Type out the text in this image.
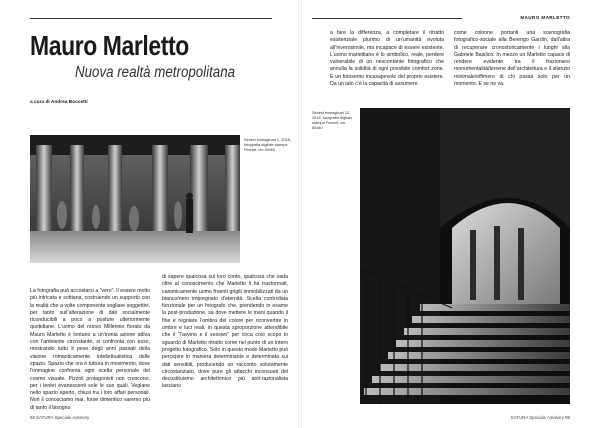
Mauro Marletto
Nuova realtà metropolitana
a cura di Andrea Boccetti
Sintesi immaginari 1, 2018, fotografia digitale stampa Fineart, cm 40x60
La fotografia può accostarsi a “vero”. Il essere molto più intricata e sottiana, costruendo un supporto con la realtà che a volte componente sogliare soggettivi, per tanto sull’alterazione di dati socialmente riconducibili a poco a posture ulteriormente quotidiane. L’uomo del nuovo Millennio fiorato da Mauro Marletto è lontano a un’ironia azione attiva con l’ambiente circostante, si confronta con esso, mostrando tutto il peso degli anni passati della visione romanticamente intellettualistica delle spazio. Spazio che ora è tuttora in movimento, dove l’immagine confronta ogni scelta personale del cosmo visuale. Pizzoli protagonisti non crescono, per i teneri evanescenti sole le sue quali. Veglane nello spazio aperto, chiusi tra i loro affari personali. Non il conosciamo mai, forse dimentico saremo più di tanto il bisogno
di sapere qualcosa sul loro conto, qualcosa che vada oltre al conoscimento che Marletto li ha trasformati, canonicamente uomo fruenti grigiti immobilizzati da un bianco/nero impregnato d’eternità. Scelta controllata funzionale per un fotografo che, prendendo in esame la post-produzione, sa dove mettere le mani quando il fine è regolare l’ombra del colore per riconvertire in ombre e luci reali, in questa sproporzione attendibile che il “l’avvino e il sessivo” per circa così scopo lo sguardo di Marletto ritratto come nel punto di un intero progetto fotografico. Solo in questo modo Marletto può percepire in maniera determinante e determinata sui dati sensibili, producendo un racconto volutamente circostanziato, dove pure gli attacchi inconsueti del decostituismo architettonico più anti-razionalista lasciano
98 SATURA Speciale Advisory
MAURO MARLETTO
a fare la differenza, a completare il ritratto esistenziale plurimo di un’umanità evoluta all’inverosimile, ma incapace di essere esistente. L’uomo marlettiano è lo simbolico, reale, perdere vulnerabile di un nescontante fotografico che annulla la solidità di ogni possibile comfort zone. E un fotosemo incasapevole del proprio esistere. Da un lato c’è la capacità di assumere
come colonne portanti una scenografia fotografico-sociale alla Berengo Gardin, dall’altra di recuperare cronostoricamente i luoghi alla Gabriele Basilico. In mezzo un Marletto capace di rendere evidente tra il frazionarsi monumentalità/terrene dell’architettura e il silenzio minimale/effimero di chi passa solo per un momento. E se ne va.
Sintesi immaginari 12, 2018, fotografia digitale stampa Fineart, cm 60x40
SATURA Speciale Advisory 99
